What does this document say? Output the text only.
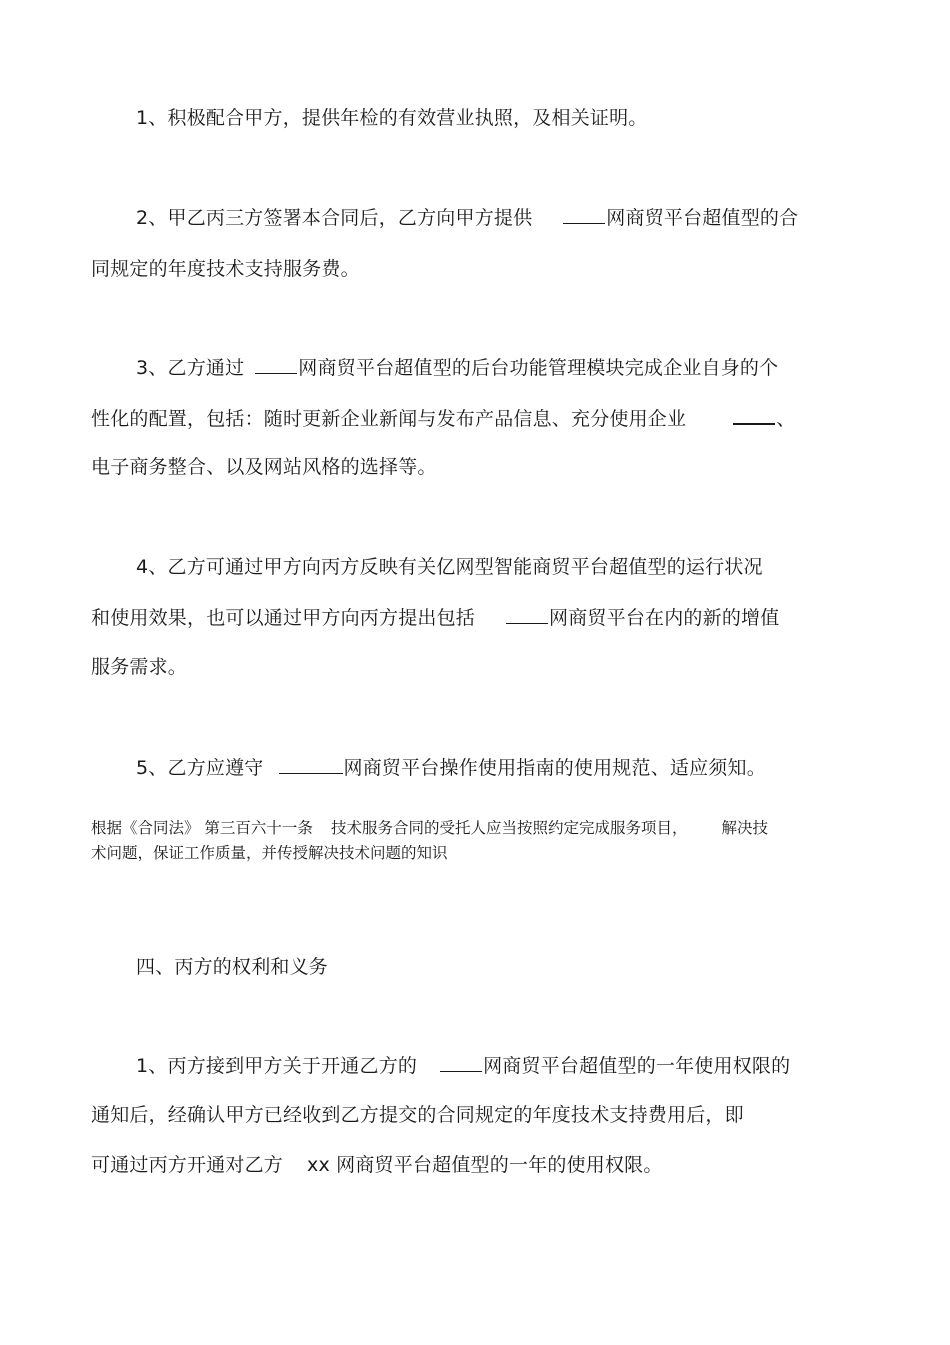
1、积极配合甲方，提供年检的有效营业执照，及相关证明。
2、甲乙丙三方签署本合同后，乙方向甲方提供	网商贸平台超值型的合
同规定的年度技术支持服务费。
3、乙方通过	网商贸平台超值型的后台功能管理模块完成企业自身的个
性化的配置，包括：随时更新企业新闻与发布产品信息、充分使用企业	、
电子商务整合、以及网站风格的选择等。
4、乙方可通过甲方向丙方反映有关亿网型智能商贸平台超值型的运行状况
和使用效果，也可以通过甲方向丙方提出包括	网商贸平台在内的新的增值
服务需求。
5、乙方应遵守	网商贸平台操作使用指南的使用规范、适应须知。
根据《合同法》 第三百六十一条 技术服务合同的受托人应当按照约定完成服务项目， 解决技
术问题，保证工作质量，并传授解决技术问题的知识
四、丙方的权利和义务
1、丙方接到甲方关于开通乙方的	网商贸平台超值型的一年使用权限的
通知后，经确认甲方已经收到乙方提交的合同规定的年度技术支持费用后，即
可通过丙方开通对乙方 xx 网商贸平台超值型的一年的使用权限。
